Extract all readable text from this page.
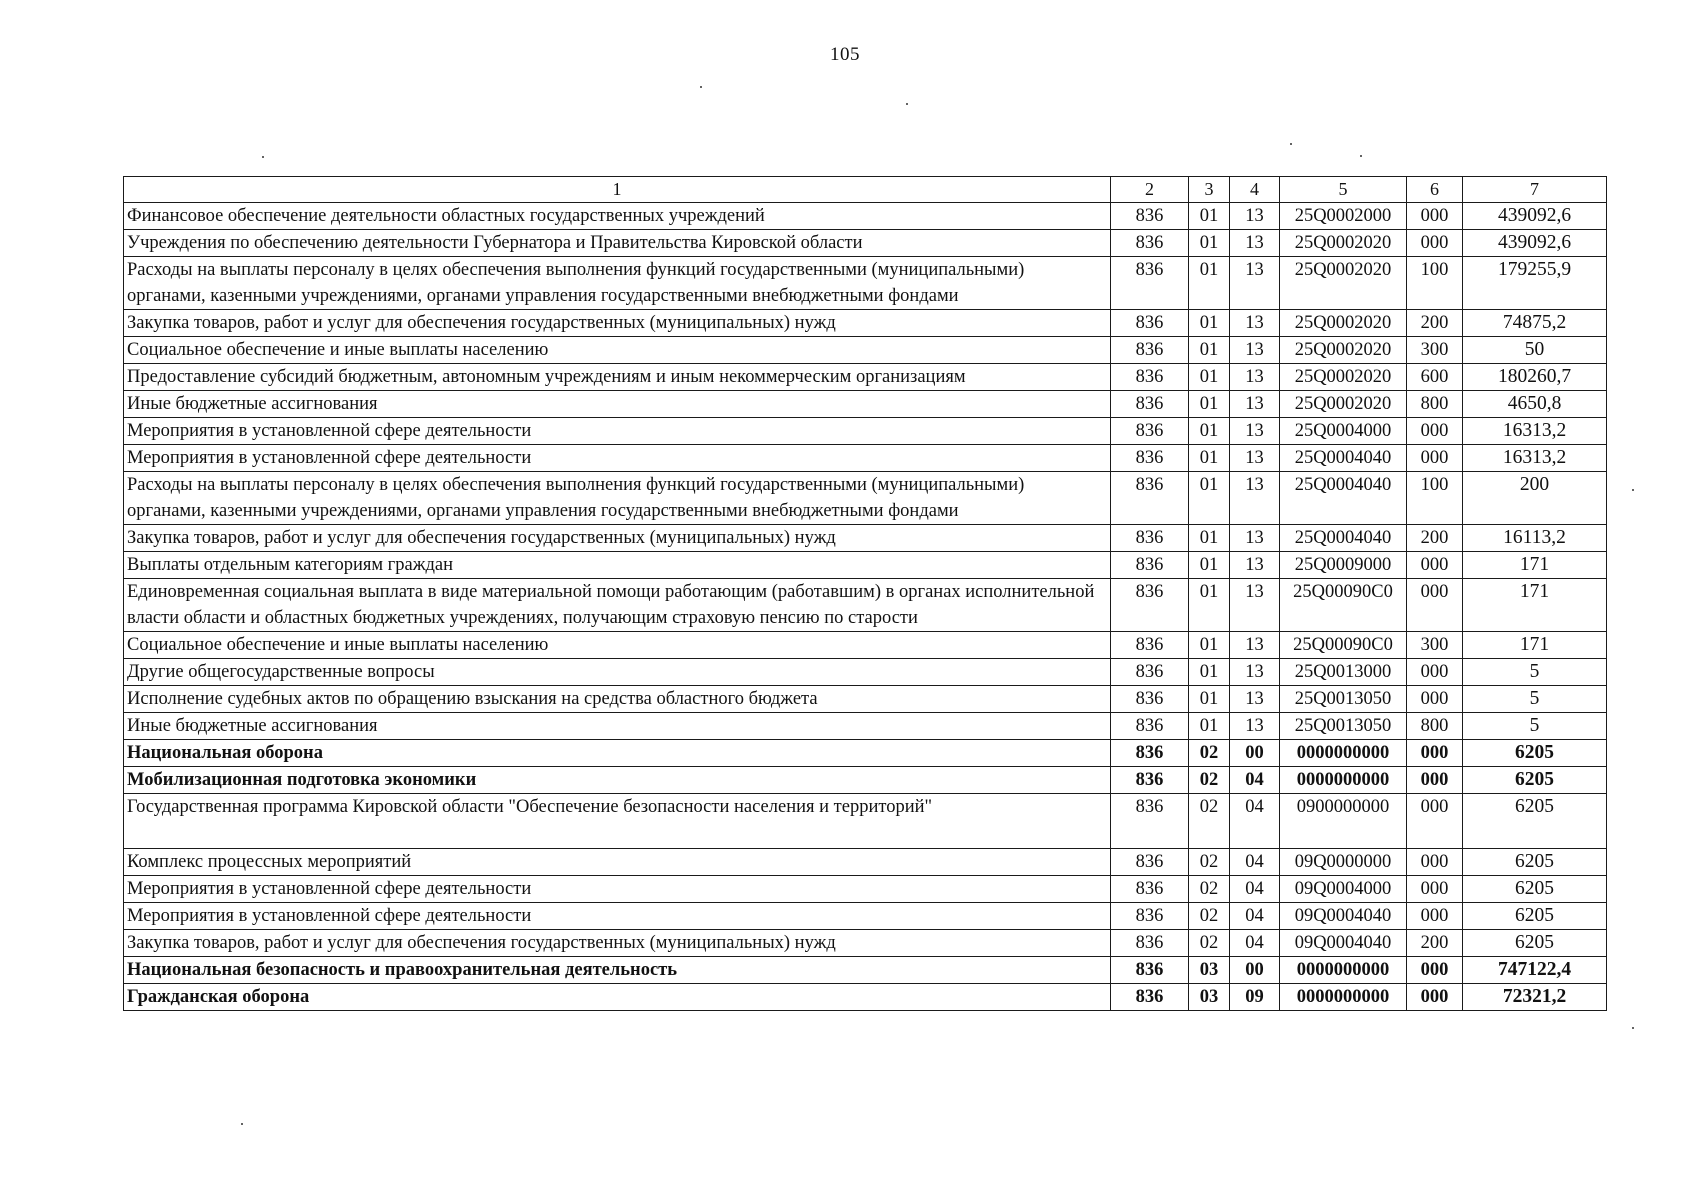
105
1	2	3	4	5	6	7
Финансовое обеспечение деятельности областных государственных учреждений	836	01	13	25Q0002000	000	439092,6
Учреждения по обеспечению деятельности Губернатора и Правительства Кировской области	836	01	13	25Q0002020	000	439092,6
Расходы на выплаты персоналу в целях обеспечения выполнения функций государственными (муниципальными) органами, казенными учреждениями, органами управления государственными внебюджетными фондами	836	01	13	25Q0002020	100	179255,9
Закупка товаров, работ и услуг для обеспечения государственных (муниципальных) нужд	836	01	13	25Q0002020	200	74875,2
Социальное обеспечение и иные выплаты населению	836	01	13	25Q0002020	300	50
Предоставление субсидий бюджетным, автономным учреждениям и иным некоммерческим организациям	836	01	13	25Q0002020	600	180260,7
Иные бюджетные ассигнования	836	01	13	25Q0002020	800	4650,8
Мероприятия в установленной сфере деятельности	836	01	13	25Q0004000	000	16313,2
Мероприятия в установленной сфере деятельности	836	01	13	25Q0004040	000	16313,2
Расходы на выплаты персоналу в целях обеспечения выполнения функций государственными (муниципальными) органами, казенными учреждениями, органами управления государственными внебюджетными фондами	836	01	13	25Q0004040	100	200
Закупка товаров, работ и услуг для обеспечения государственных (муниципальных) нужд	836	01	13	25Q0004040	200	16113,2
Выплаты отдельным категориям граждан	836	01	13	25Q0009000	000	171
Единовременная социальная выплата в виде материальной помощи работающим (работавшим) в органах исполнительной власти области и областных бюджетных учреждениях, получающим страховую пенсию по старости	836	01	13	25Q00090C0	000	171
Социальное обеспечение и иные выплаты населению	836	01	13	25Q00090C0	300	171
Другие общегосударственные вопросы	836	01	13	25Q0013000	000	5
Исполнение судебных актов по обращению взыскания на средства областного бюджета	836	01	13	25Q0013050	000	5
Иные бюджетные ассигнования	836	01	13	25Q0013050	800	5
Национальная оборона	836	02	00	0000000000	000	6205
Мобилизационная подготовка экономики	836	02	04	0000000000	000	6205
Государственная программа Кировской области "Обеспечение безопасности населения и территорий"	836	02	04	0900000000	000	6205
Комплекс процессных мероприятий	836	02	04	09Q0000000	000	6205
Мероприятия в установленной сфере деятельности	836	02	04	09Q0004000	000	6205
Мероприятия в установленной сфере деятельности	836	02	04	09Q0004040	000	6205
Закупка товаров, работ и услуг для обеспечения государственных (муниципальных) нужд	836	02	04	09Q0004040	200	6205
Национальная безопасность и правоохранительная деятельность	836	03	00	0000000000	000	747122,4
Гражданская оборона	836	03	09	0000000000	000	72321,2
